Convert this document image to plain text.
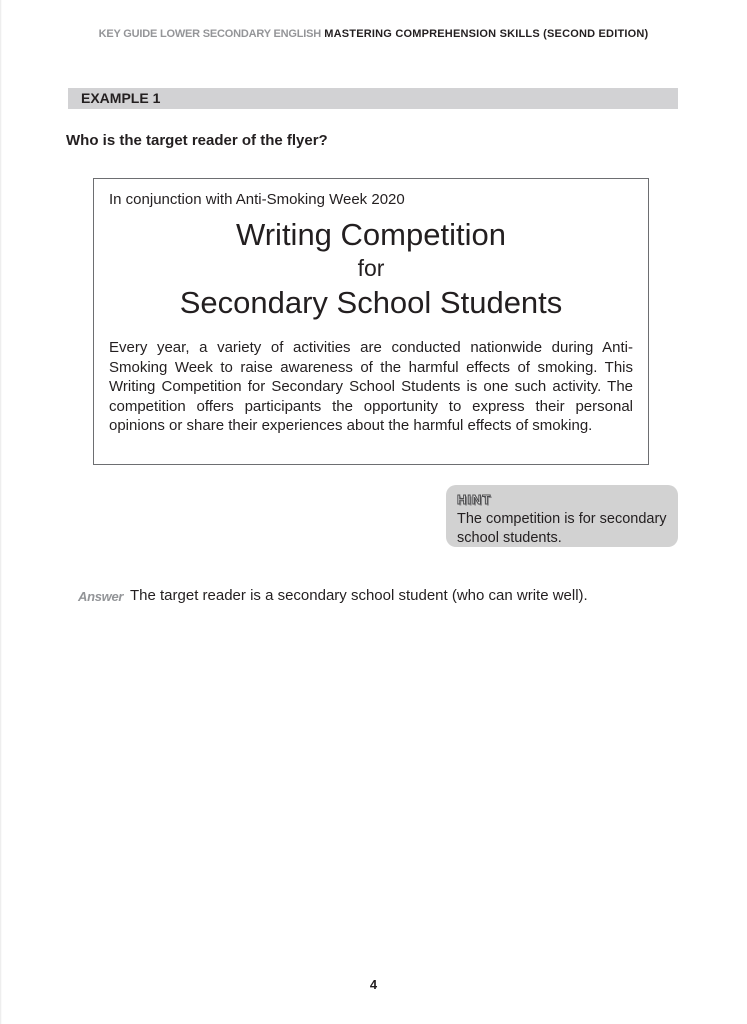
KEY GUIDE LOWER SECONDARY ENGLISH MASTERING COMPREHENSION SKILLS (SECOND EDITION)
EXAMPLE 1
Who is the target reader of the flyer?
In conjunction with Anti-Smoking Week 2020
Writing Competition
for
Secondary School Students
Every year, a variety of activities are conducted nationwide during Anti-Smoking Week to raise awareness of the harmful effects of smoking. This Writing Competition for Secondary School Students is one such activity. The competition offers participants the opportunity to express their personal opinions or share their experiences about the harmful effects of smoking.
HINT
The competition is for secondary school students.
Answer The target reader is a secondary school student (who can write well).
4
